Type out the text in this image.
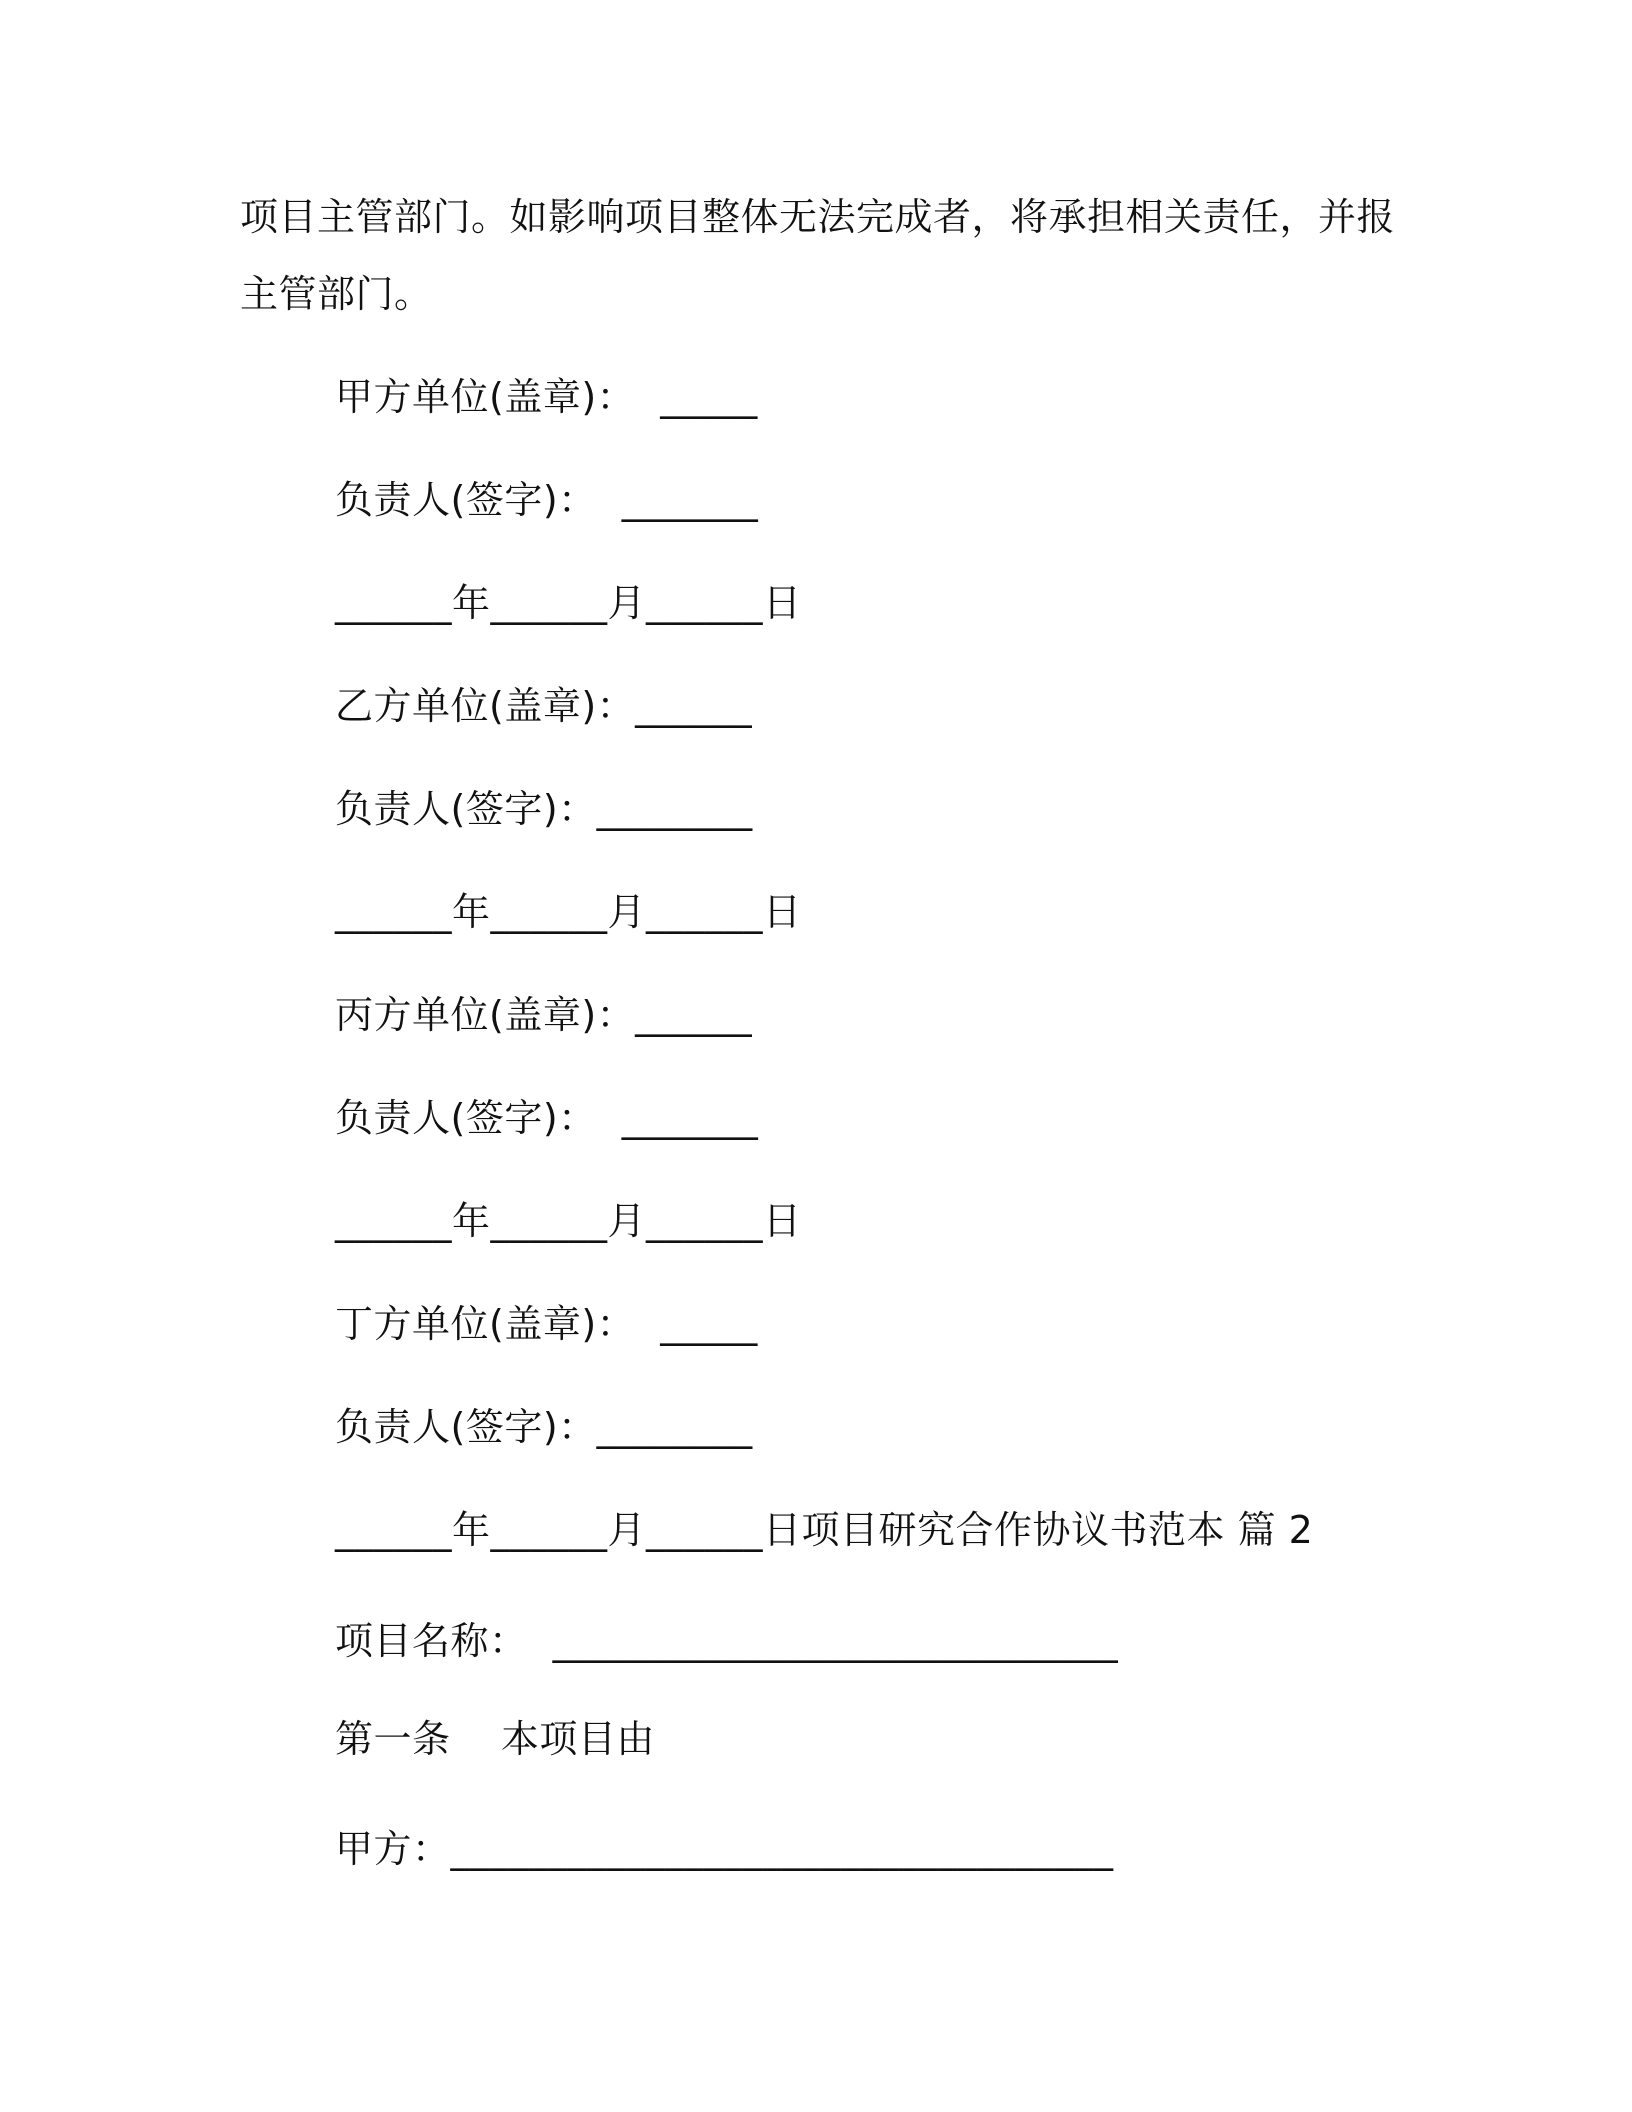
项目主管部门。如影响项目整体无法完成者，将承担相关责任，并报
主管部门。
甲方单位(盖章)：  _____
负责人(签字)：  _______
______年______月______日
乙方单位(盖章)：______
负责人(签字)：________
______年______月______日
丙方单位(盖章)：______
负责人(签字)：  _______
______年______月______日
丁方单位(盖章)：  _____
负责人(签字)：________
______年______月______日项目研究合作协议书范本 篇 2
项目名称：  _____________________________
第一条    本项目由
甲方：__________________________________
